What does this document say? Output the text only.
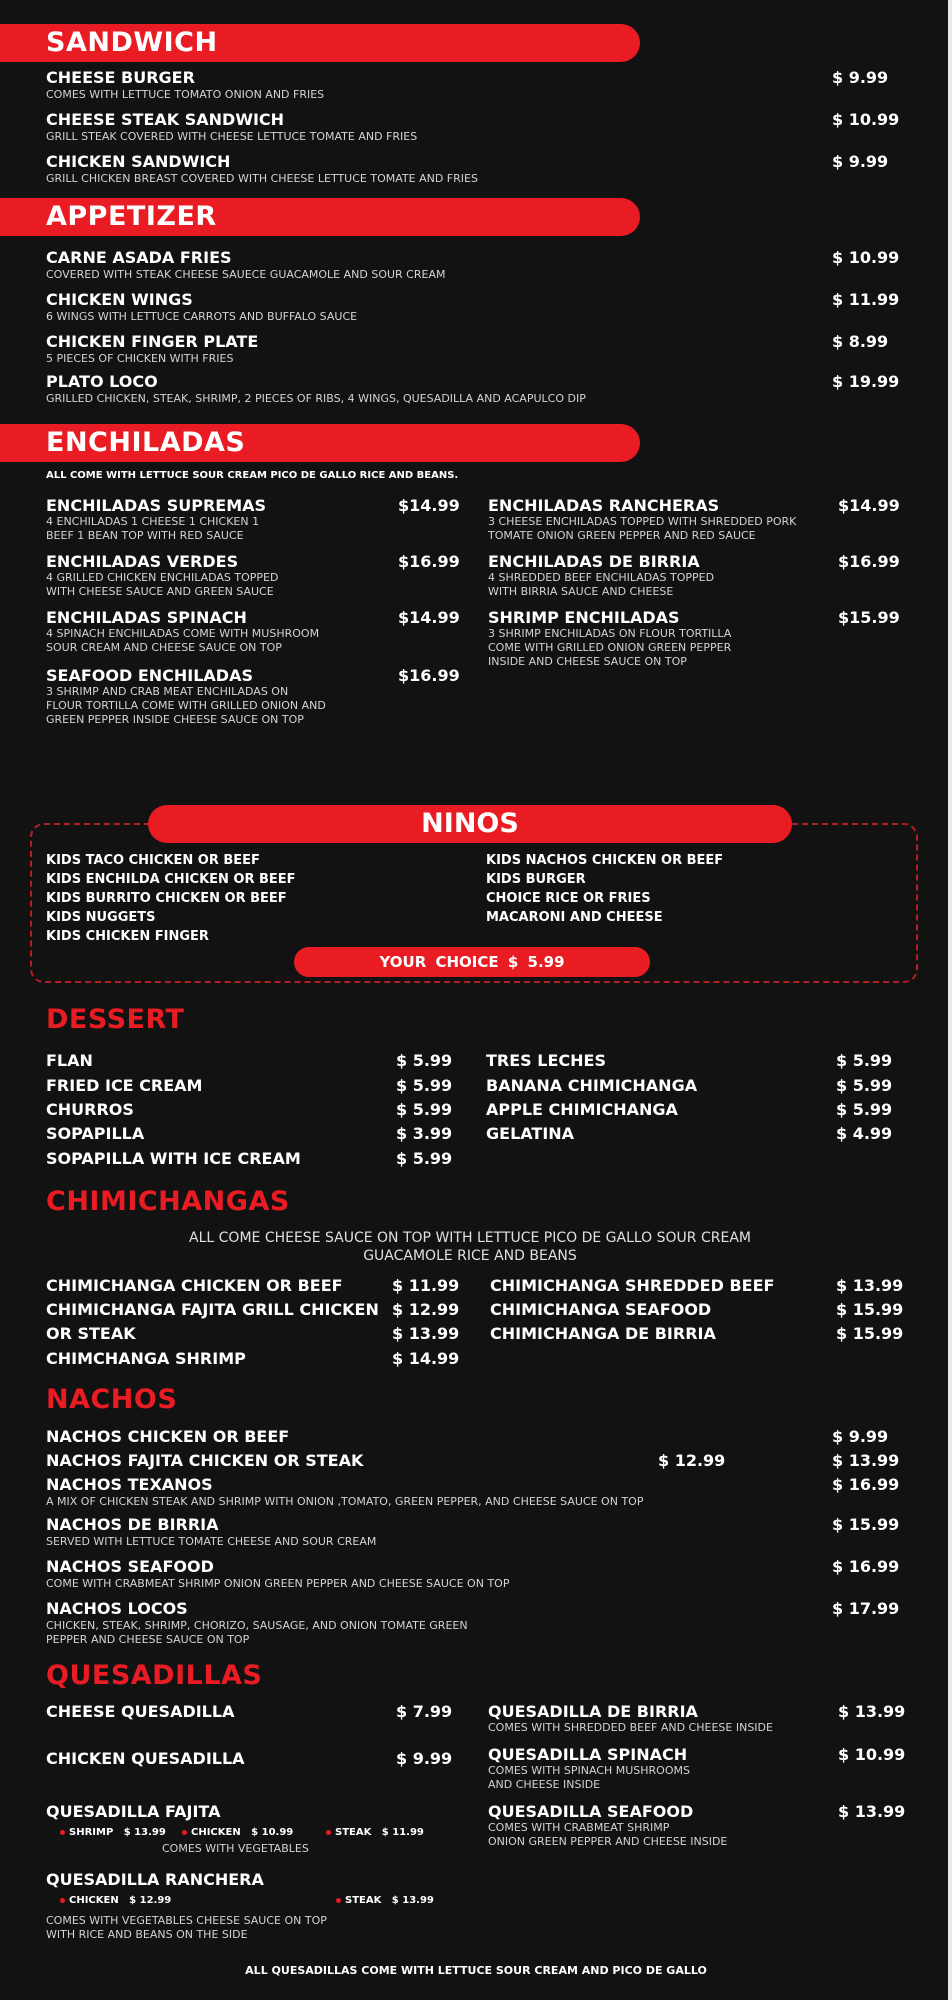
SANDWICH
CHEESE BURGER
COMES WITH LETTUCE TOMATO ONION AND FRIES
$ 9.99
CHEESE STEAK SANDWICH
GRILL STEAK COVERED WITH CHEESE LETTUCE TOMATE AND FRIES
$ 10.99
CHICKEN SANDWICH
GRILL CHICKEN BREAST COVERED WITH CHEESE LETTUCE TOMATE AND FRIES
$ 9.99
APPETIZER
CARNE ASADA FRIES
COVERED WITH STEAK CHEESE SAUECE GUACAMOLE AND SOUR CREAM
$ 10.99
CHICKEN WINGS
6 WINGS WITH LETTUCE CARROTS AND BUFFALO SAUCE
$ 11.99
CHICKEN FINGER PLATE
5 PIECES OF CHICKEN WITH FRIES
$ 8.99
PLATO LOCO
GRILLED CHICKEN, STEAK, SHRIMP, 2 PIECES OF RIBS, 4 WINGS, QUESADILLA AND ACAPULCO DIP
$ 19.99
ENCHILADAS
ALL COME WITH LETTUCE SOUR CREAM PICO DE GALLO RICE AND BEANS.
ENCHILADAS SUPREMAS	$14.99
4 ENCHILADAS 1 CHEESE 1 CHICKEN 1
BEEF 1 BEAN TOP WITH RED SAUCE
ENCHILADAS VERDES	$16.99
4 GRILLED CHICKEN ENCHILADAS TOPPED
WITH CHEESE SAUCE AND GREEN SAUCE
ENCHILADAS SPINACH	$14.99
4 SPINACH ENCHILADAS COME WITH MUSHROOM
SOUR CREAM AND CHEESE SAUCE ON TOP
SEAFOOD ENCHILADAS	$16.99
3 SHRIMP AND CRAB MEAT ENCHILADAS ON
FLOUR TORTILLA COME WITH GRILLED ONION AND
GREEN PEPPER INSIDE CHEESE SAUCE ON TOP
ENCHILADAS RANCHERAS	$14.99
3 CHEESE ENCHILADAS TOPPED WITH SHREDDED PORK
TOMATE ONION GREEN PEPPER AND RED SAUCE
ENCHILADAS DE BIRRIA	$16.99
4 SHREDDED BEEF ENCHILADAS TOPPED
WITH BIRRIA SAUCE AND CHEESE
SHRIMP ENCHILADAS	$15.99
3 SHRIMP ENCHILADAS ON FLOUR TORTILLA
COME WITH GRILLED ONION GREEN PEPPER
INSIDE AND CHEESE SAUCE ON TOP
NINOS
KIDS TACO CHICKEN OR BEEF
KIDS ENCHILDA CHICKEN OR BEEF
KIDS BURRITO CHICKEN OR BEEF
KIDS NUGGETS
KIDS CHICKEN FINGER
KIDS NACHOS CHICKEN OR BEEF
KIDS BURGER
CHOICE RICE OR FRIES
MACARONI AND CHEESE
YOUR CHOICE $ 5.99
DESSERT
FLAN	$ 5.99
FRIED ICE CREAM	$ 5.99
CHURROS	$ 5.99
SOPAPILLA	$ 3.99
SOPAPILLA WITH ICE CREAM	$ 5.99
TRES LECHES	$ 5.99
BANANA CHIMICHANGA	$ 5.99
APPLE CHIMICHANGA	$ 5.99
GELATINA	$ 4.99
CHIMICHANGAS
ALL COME CHEESE SAUCE ON TOP WITH LETTUCE PICO DE GALLO SOUR CREAM
GUACAMOLE RICE AND BEANS
CHIMICHANGA CHICKEN OR BEEF	$ 11.99
CHIMICHANGA FAJITA GRILL CHICKEN $ 12.99
OR STEAK	$ 13.99
CHIMCHANGA SHRIMP	$ 14.99
CHIMICHANGA SHREDDED BEEF	$ 13.99
CHIMICHANGA SEAFOOD	$ 15.99
CHIMICHANGA DE BIRRIA	$ 15.99
NACHOS
NACHOS CHICKEN OR BEEF	$ 9.99
NACHOS FAJITA CHICKEN OR STEAK	$ 12.99	$ 13.99
NACHOS TEXANOS
A MIX OF CHICKEN STEAK AND SHRIMP WITH ONION ,TOMATO, GREEN PEPPER, AND CHEESE SAUCE ON TOP
$ 16.99
NACHOS DE BIRRIA
SERVED WITH LETTUCE TOMATE CHEESE AND SOUR CREAM
$ 15.99
NACHOS SEAFOOD
COME WITH CRABMEAT SHRIMP ONION GREEN PEPPER AND CHEESE SAUCE ON TOP
$ 16.99
NACHOS LOCOS
CHICKEN, STEAK, SHRIMP, CHORIZO, SAUSAGE, AND ONION TOMATE GREEN
PEPPER AND CHEESE SAUCE ON TOP
$ 17.99
QUESADILLAS
CHEESE QUESADILLA	$ 7.99
CHICKEN QUESADILLA	$ 9.99
QUESADILLA FAJITA
SHRIMP $ 13.99	CHICKEN $ 10.99	STEAK $ 11.99
COMES WITH VEGETABLES
QUESADILLA RANCHERA
CHICKEN $ 12.99	STEAK $ 13.99
COMES WITH VEGETABLES CHEESE SAUCE ON TOP
WITH RICE AND BEANS ON THE SIDE
QUESADILLA DE BIRRIA
COMES WITH SHREDDED BEEF AND CHEESE INSIDE
$ 13.99
QUESADILLA SPINACH
COMES WITH SPINACH MUSHROOMS
AND CHEESE INSIDE
$ 10.99
QUESADILLA SEAFOOD
COMES WITH CRABMEAT SHRIMP
ONION GREEN PEPPER AND CHEESE INSIDE
$ 13.99
ALL QUESADILLAS COME WITH LETTUCE SOUR CREAM AND PICO DE GALLO
